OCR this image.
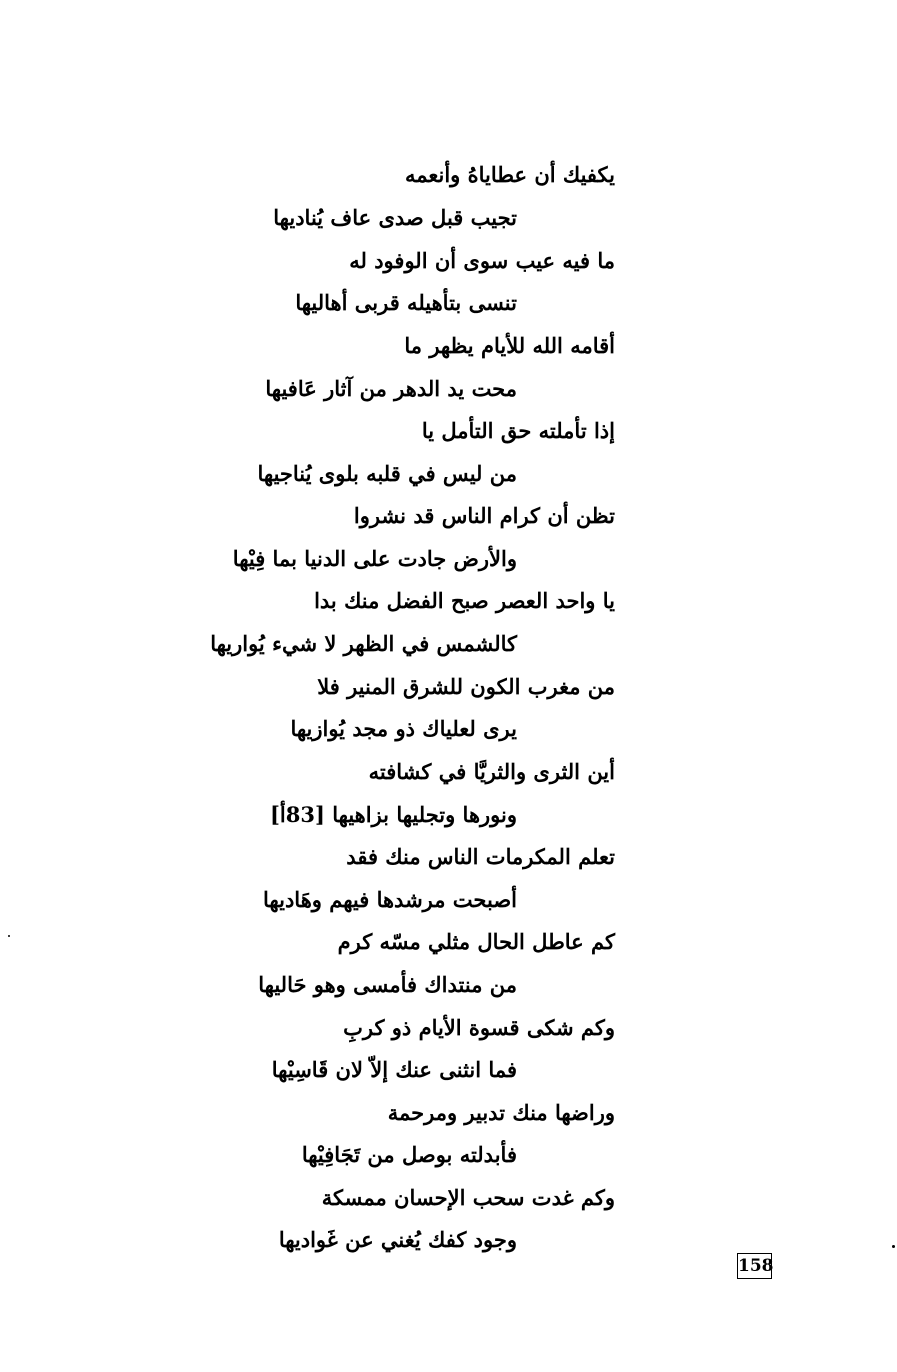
يكفيك أن عطاياهُ وأنعمه
تجيب قبل صدى عاف يُناديها
ما فيه عيب سوى أن الوفود له
تنسى بتأهيله قربى أهاليها
أقامه الله للأيام يظهر ما
محت يد الدهر من آثار عَافيها
إذا تأملته حق التأمل يا
من ليس في قلبه بلوى يُناجيها
تظن أن كرام الناس قد نشروا
والأرض جادت على الدنيا بما فِيْها
يا واحد العصر صبح الفضل منك بدا
كالشمس في الظهر لا شيء يُواريها
من مغرب الكون للشرق المنير فلا
يرى لعلياك ذو مجد يُوازيها
أين الثرى والثريَّا في كشافته
ونورها وتجليها بزاهيها [83أ]
تعلم المكرمات الناس منك فقد
أصبحت مرشدها فيهم وهَاديها
كم عاطل الحال مثلي مسّه كرم
من منتداك فأمسى وهو حَاليها
وكم شكى قسوة الأيام ذو كربِ
فما انثنى عنك إلاّ لان قَاسِيْها
وراضها منك تدبير ومرحمة
فأبدلته بوصل من تَجَافِيْها
وكم غدت سحب الإحسان ممسكة
وجود كفك يُغني عن غَواديها
158
